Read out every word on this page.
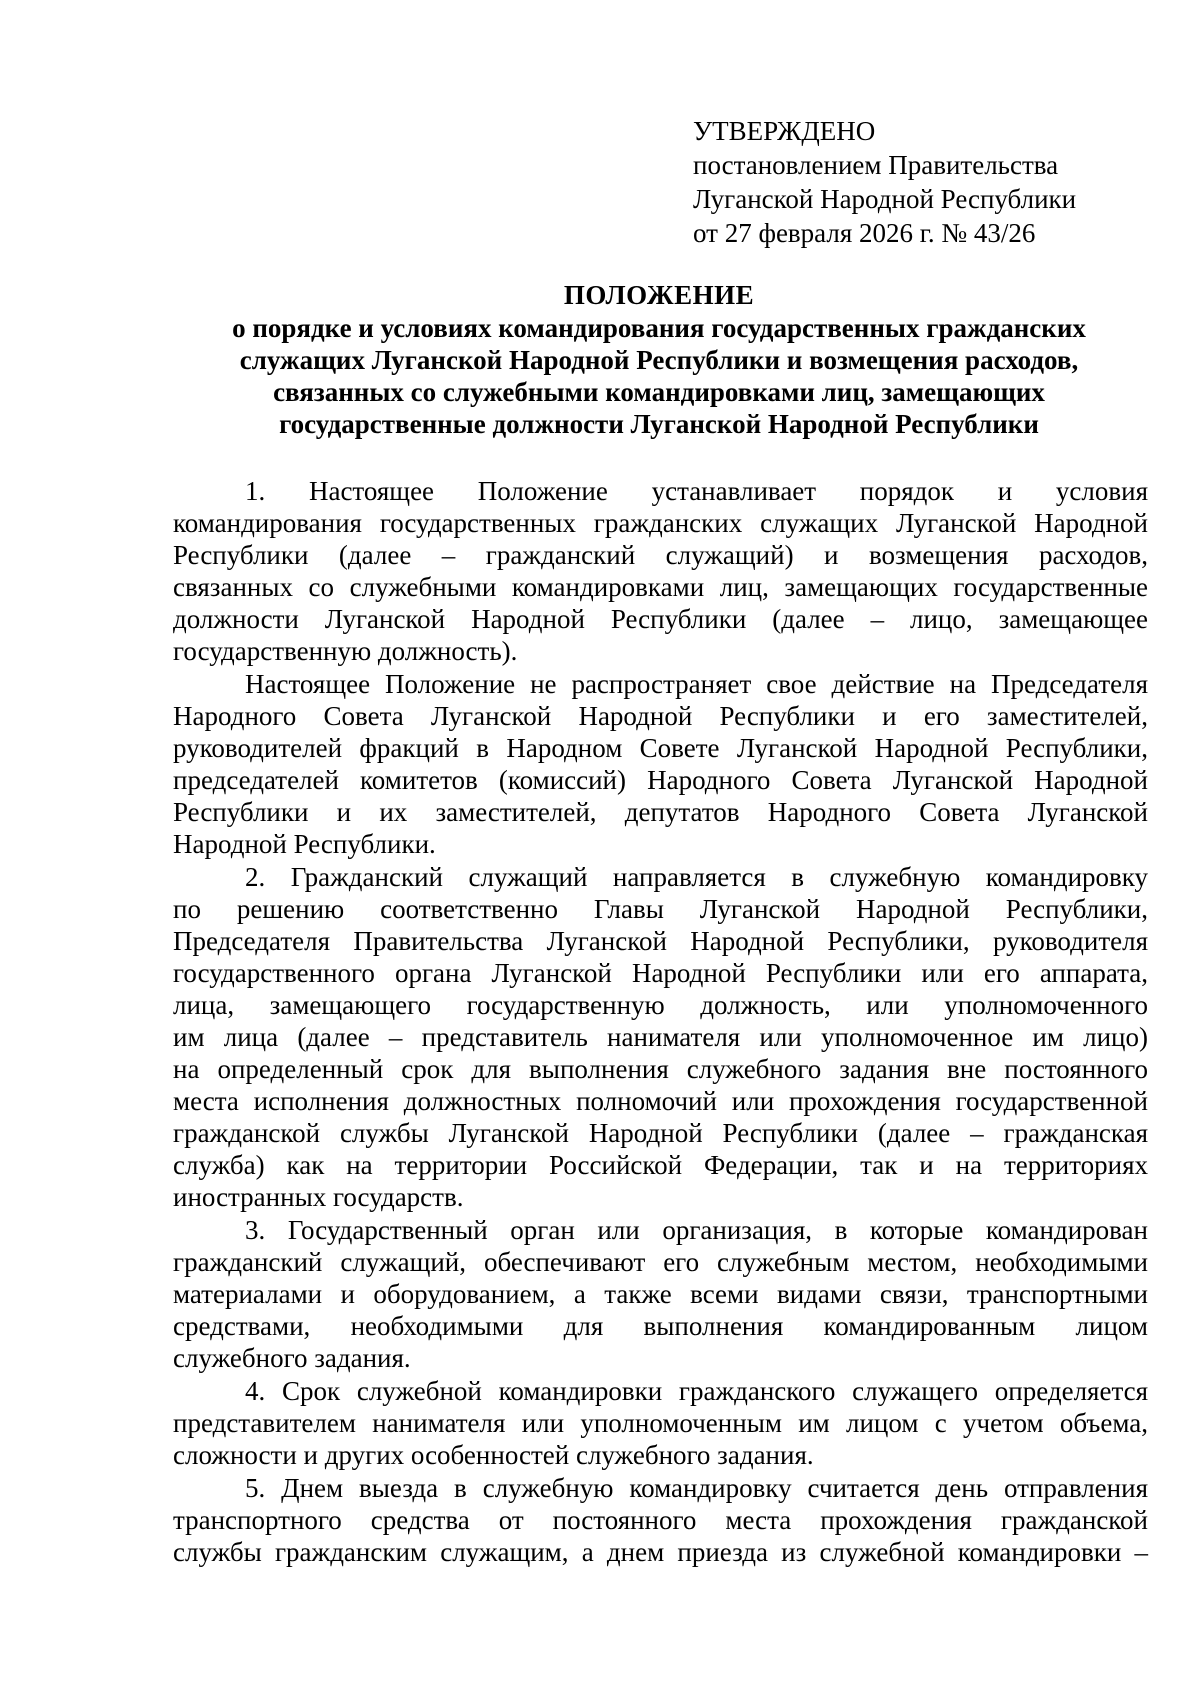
УТВЕРЖДЕНО
постановлением Правительства
Луганской Народной Республики
от 27 февраля 2026 г. № 43/26
ПОЛОЖЕНИЕ
о порядке и условиях командирования государственных гражданских
служащих Луганской Народной Республики и возмещения расходов,
связанных со служебными командировками лиц, замещающих
государственные должности Луганской Народной Республики
1. Настоящее Положение устанавливает порядок и условия
командирования государственных гражданских служащих Луганской Народной
Республики (далее – гражданский служащий) и возмещения расходов,
связанных со служебными командировками лиц, замещающих государственные
должности Луганской Народной Республики (далее – лицо, замещающее
государственную должность).
Настоящее Положение не распространяет свое действие на Председателя
Народного Совета Луганской Народной Республики и его заместителей,
руководителей фракций в Народном Совете Луганской Народной Республики,
председателей комитетов (комиссий) Народного Совета Луганской Народной
Республики и их заместителей, депутатов Народного Совета Луганской
Народной Республики.
2. Гражданский служащий направляется в служебную командировку
по решению соответственно Главы Луганской Народной Республики,
Председателя Правительства Луганской Народной Республики, руководителя
государственного органа Луганской Народной Республики или его аппарата,
лица, замещающего государственную должность, или уполномоченного
им лица (далее – представитель нанимателя или уполномоченное им лицо)
на определенный срок для выполнения служебного задания вне постоянного
места исполнения должностных полномочий или прохождения государственной
гражданской службы Луганской Народной Республики (далее – гражданская
служба) как на территории Российской Федерации, так и на территориях
иностранных государств.
3. Государственный орган или организация, в которые командирован
гражданский служащий, обеспечивают его служебным местом, необходимыми
материалами и оборудованием, а также всеми видами связи, транспортными
средствами, необходимыми для выполнения командированным лицом
служебного задания.
4. Срок служебной командировки гражданского служащего определяется
представителем нанимателя или уполномоченным им лицом с учетом объема,
сложности и других особенностей служебного задания.
5. Днем выезда в служебную командировку считается день отправления
транспортного средства от постоянного места прохождения гражданской
службы гражданским служащим, а днем приезда из служебной командировки –
